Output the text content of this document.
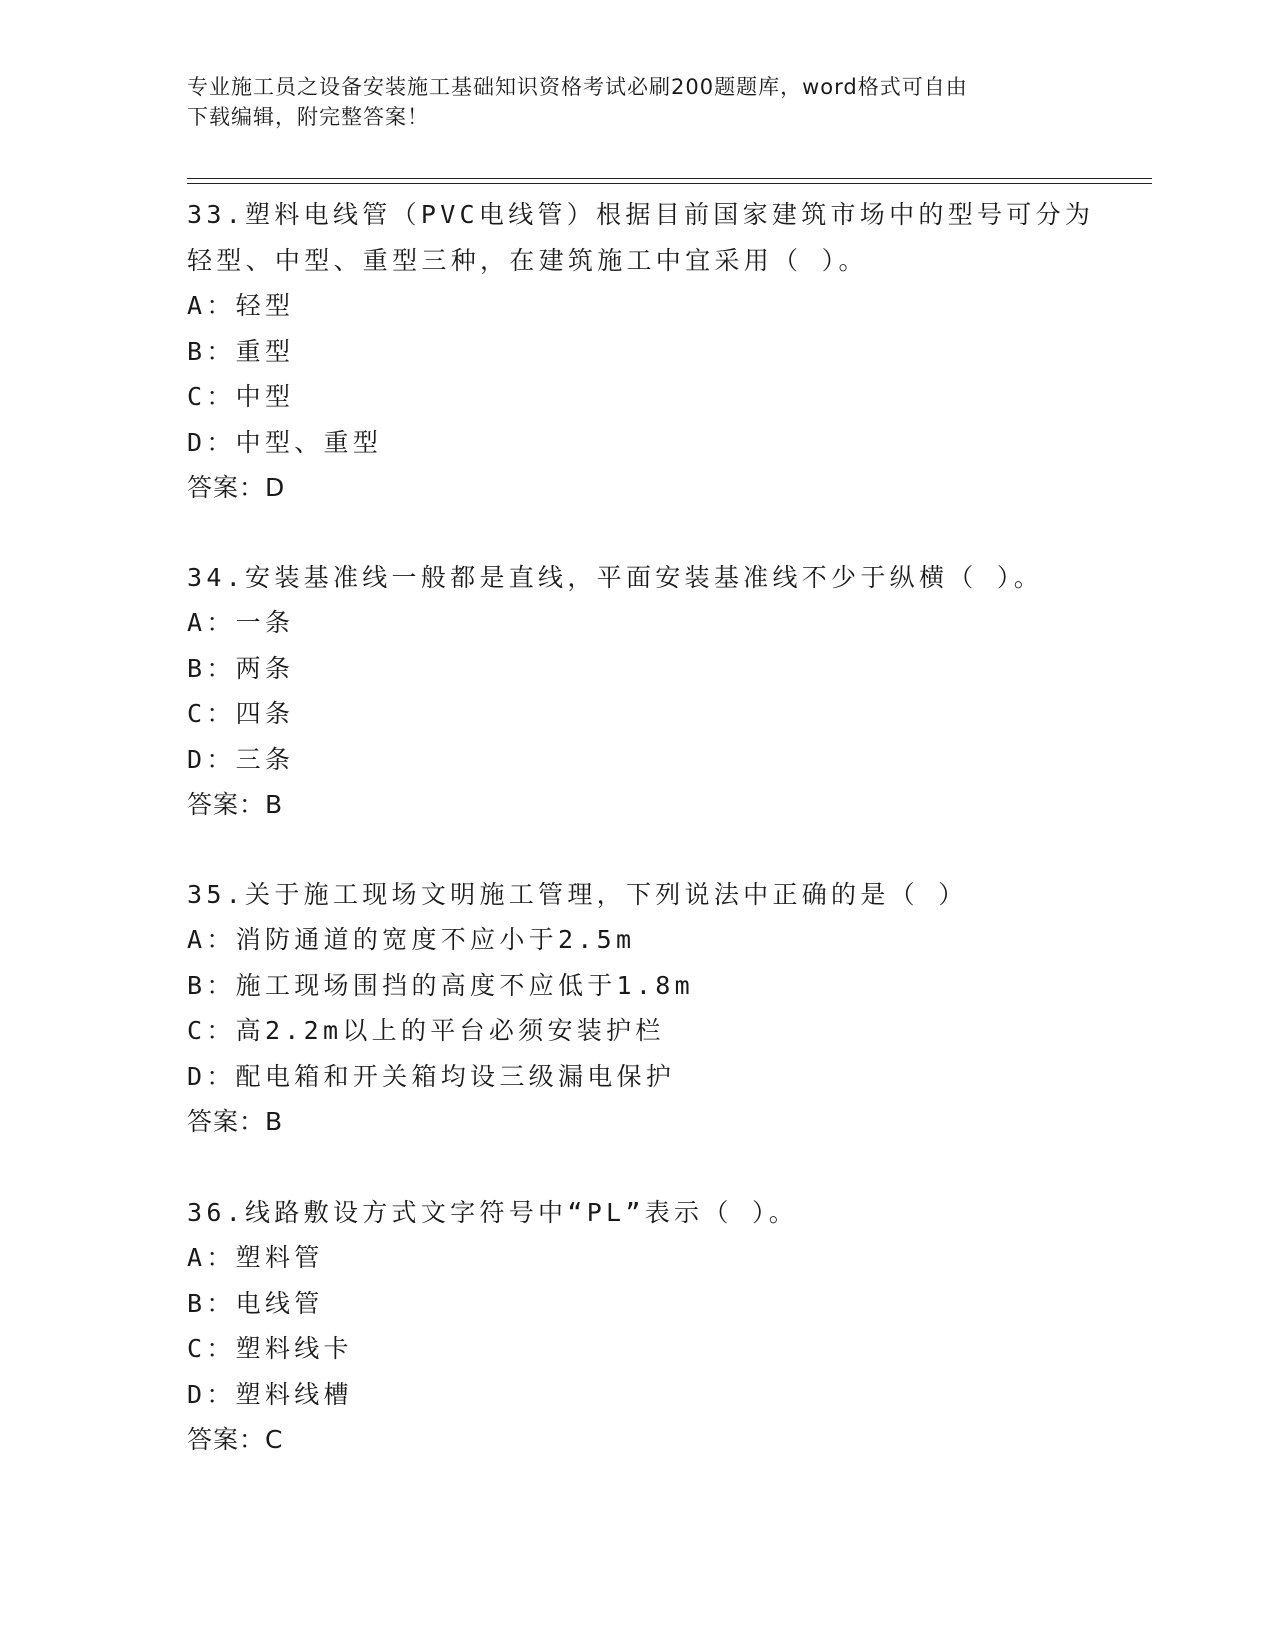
专业施工员之设备安装施工基础知识资格考试必刷200题题库，word格式可自由
下载编辑，附完整答案！
33.塑料电线管（PVC电线管）根据目前国家建筑市场中的型号可分为
轻型、中型、重型三种，在建筑施工中宜采用（ ）。
A：轻型
B：重型
C：中型
D：中型、重型
答案：D
34.安装基准线一般都是直线，平面安装基准线不少于纵横（ ）。
A：一条
B：两条
C：四条
D：三条
答案：B
35.关于施工现场文明施工管理，下列说法中正确的是（ ）
A：消防通道的宽度不应小于2.5m
B：施工现场围挡的高度不应低于1.8m
C：高2.2m以上的平台必须安装护栏
D：配电箱和开关箱均设三级漏电保护
答案：B
36.线路敷设方式文字符号中“PL”表示（ ）。
A：塑料管
B：电线管
C：塑料线卡
D：塑料线槽
答案：C
